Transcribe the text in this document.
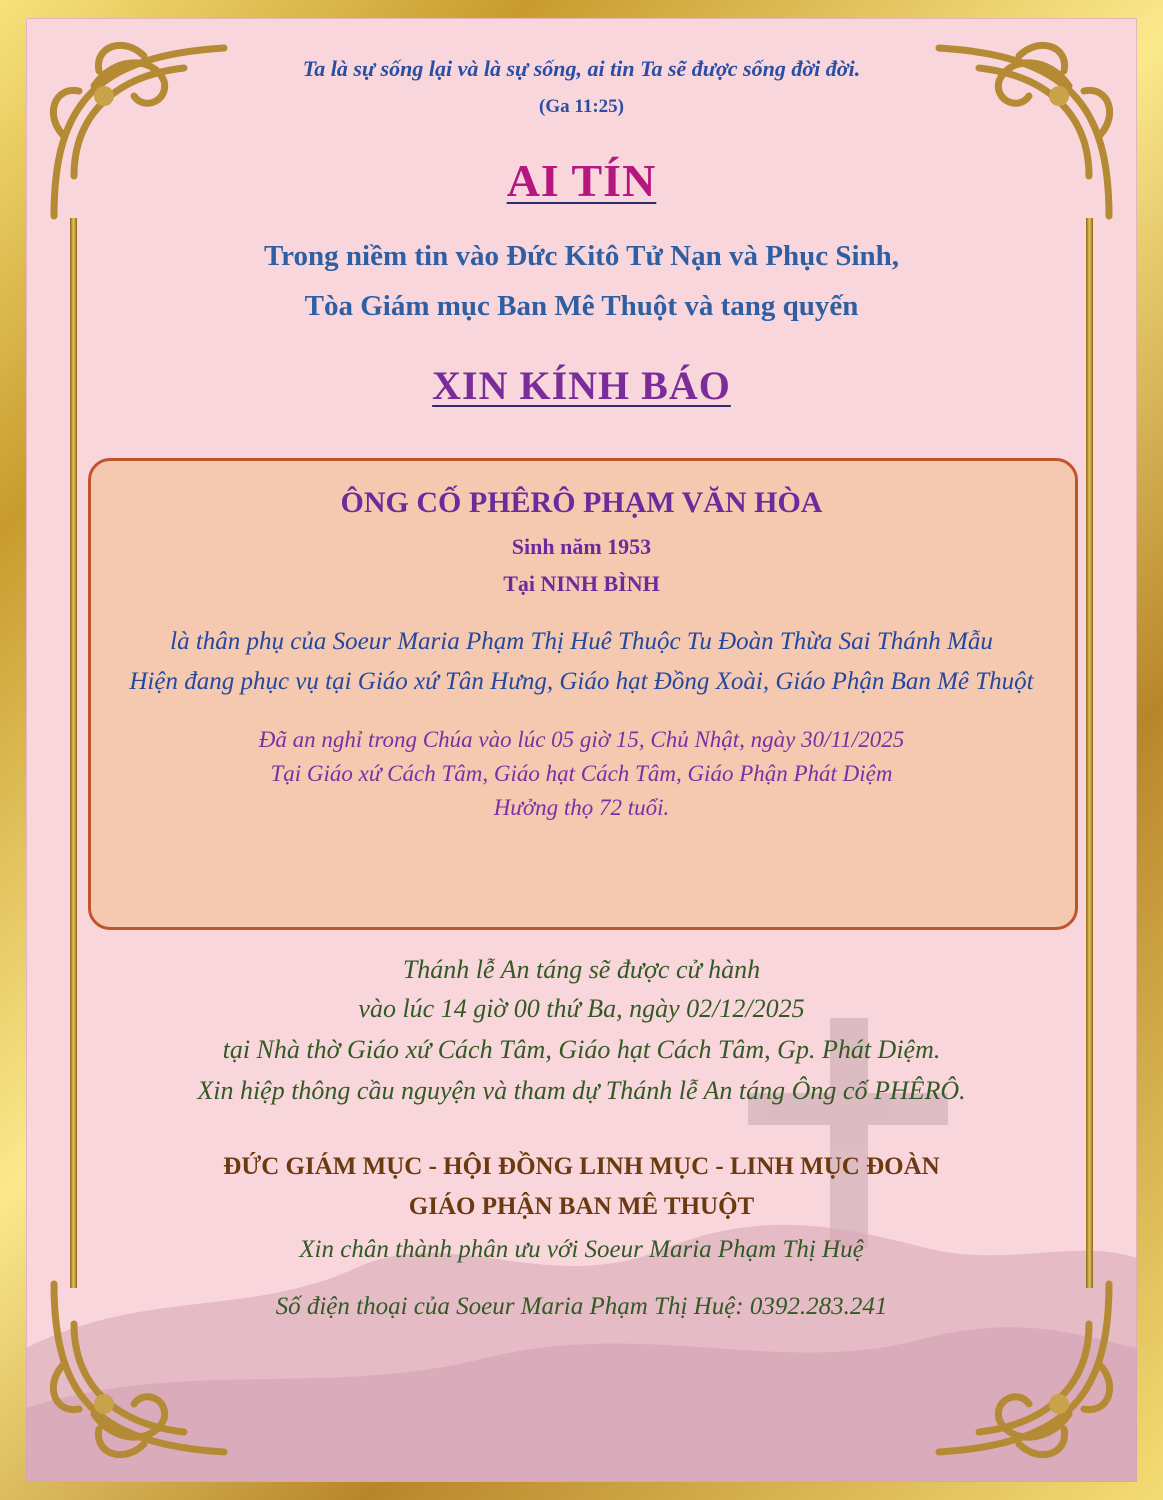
Ta là sự sống lại và là sự sống, ai tin Ta sẽ được sống đời đời.
(Ga 11:25)
AI TÍN
Trong niềm tin vào Đức Kitô Tử Nạn và Phục Sinh,
Tòa Giám mục Ban Mê Thuột và tang quyến
XIN KÍNH BÁO
ÔNG CỐ PHÊRÔ PHẠM VĂN HÒA
Sinh năm 1953
Tại NINH BÌNH
là thân phụ của Soeur Maria Phạm Thị Huê Thuộc Tu Đoàn Thừa Sai Thánh Mẫu
Hiện đang phục vụ tại Giáo xứ Tân Hưng, Giáo hạt Đồng Xoài, Giáo Phận Ban Mê Thuột
Đã an nghỉ trong Chúa vào lúc 05 giờ 15, Chủ Nhật, ngày 30/11/2025
Tại Giáo xứ Cách Tâm, Giáo hạt Cách Tâm, Giáo Phận Phát Diệm
Hưởng thọ 72 tuổi.
Thánh lễ An táng sẽ được cử hành
vào lúc 14 giờ 00 thứ Ba, ngày 02/12/2025
tại Nhà thờ Giáo xứ Cách Tâm, Giáo hạt Cách Tâm, Gp. Phát Diệm.
Xin hiệp thông cầu nguyện và tham dự Thánh lễ An táng Ông cố PHÊRÔ.
ĐỨC GIÁM MỤC - HỘI ĐỒNG LINH MỤC - LINH MỤC ĐOÀN
GIÁO PHẬN BAN MÊ THUỘT
Xin chân thành phân ưu với Soeur Maria Phạm Thị Huệ
Số điện thoại của Soeur Maria Phạm Thị Huệ: 0392.283.241
